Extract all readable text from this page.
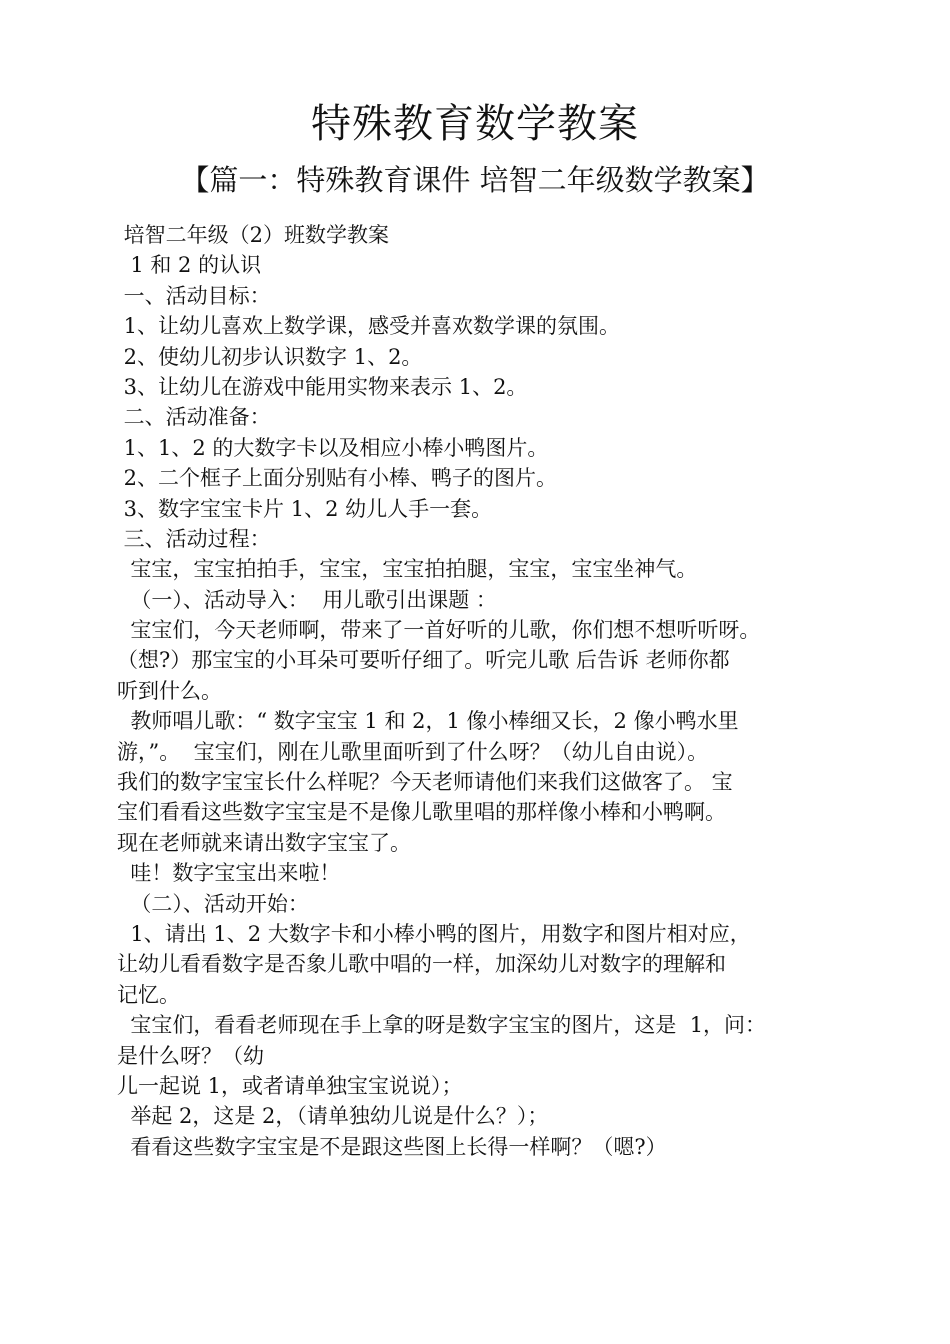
特殊教育数学教案
【篇一：特殊教育课件 培智二年级数学教案】

培智二年级（2）班数学教案

1 和 2 的认识

一、活动目标：

1、让幼儿喜欢上数学课，感受并喜欢数学课的氛围。

2、使幼儿初步认识数字 1、2。

3、让幼儿在游戏中能用实物来表示 1、2。

二、活动准备：

1、1、2 的大数字卡以及相应小棒小鸭图片。

2、二个框子上面分别贴有小棒、鸭子的图片。

3、数字宝宝卡片 1、2 幼儿人手一套。

三、活动过程：

宝宝，宝宝拍拍手，宝宝，宝宝拍拍腿，宝宝，宝宝坐神气。

（一）、活动导入：  用儿歌引出课题 ：

宝宝们，今天老师啊，带来了一首好听的儿歌，你们想不想听听呀。

（想?）那宝宝的小耳朵可要听仔细了。听完儿歌 后告诉 老师你都

听到什么。

教师唱儿歌：“ 数字宝宝 1 和 2，1 像小棒细又长，2 像小鸭水里

游，”。  宝宝们，刚在儿歌里面听到了什么呀？（幼儿自由说）。

我们的数字宝宝长什么样呢？今天老师请他们来我们这做客了。 宝

宝们看看这些数字宝宝是不是像儿歌里唱的那样像小棒和小鸭啊。

现在老师就来请出数字宝宝了。

哇！数字宝宝出来啦！

（二）、活动开始：

1、请出 1、2 大数字卡和小棒小鸭的图片，用数字和图片相对应，

让幼儿看看数字是否象儿歌中唱的一样，加深幼儿对数字的理解和

记忆。

宝宝们，看看老师现在手上拿的呀是数字宝宝的图片，这是  1，问：

是什么呀？（幼

儿一起说 1，或者请单独宝宝说说）；

举起 2，这是 2，（请单独幼儿说是什么？）；

看看这些数字宝宝是不是跟这些图上长得一样啊？（嗯?）
